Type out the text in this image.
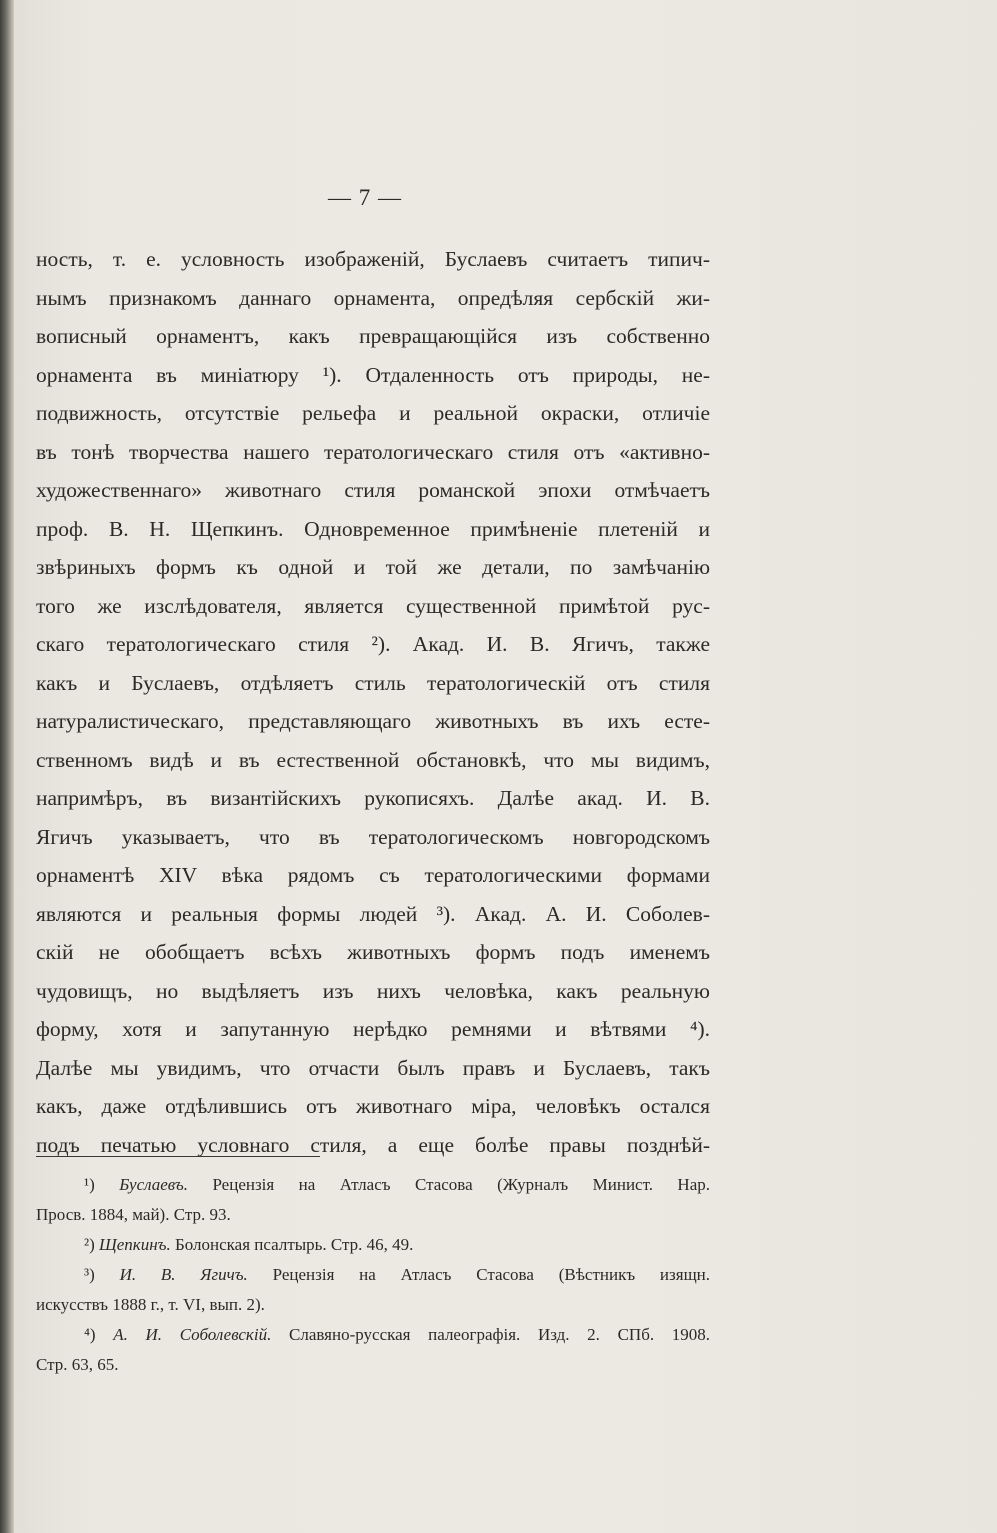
— 7 —
ность, т. е. условность изображеній, Буслаевъ считаетъ типич-
нымъ признакомъ даннаго орнамента, опредѣляя сербскій жи-
вописный орнаментъ, какъ превращающійся изъ собственно
орнамента въ миніатюру ¹). Отдаленность отъ природы, не-
подвижность, отсутствіе рельефа и реальной окраски, отличіе
въ тонѣ творчества нашего тератологическаго стиля отъ «активно-
художественнаго» животнаго стиля романской эпохи отмѣчаетъ
проф. В. Н. Щепкинъ. Одновременное примѣненіе плетеній и
звѣриныхъ формъ къ одной и той же детали, по замѣчанію
того же изслѣдователя, является существенной примѣтой рус-
скаго тератологическаго стиля ²). Акад. И. В. Ягичъ, также
какъ и Буслаевъ, отдѣляетъ стиль тератологическій отъ стиля
натуралистическаго, представляющаго животныхъ въ ихъ есте-
ственномъ видѣ и въ естественной обстановкѣ, что мы видимъ,
напримѣръ, въ византійскихъ рукописяхъ. Далѣе акад. И. В.
Ягичъ указываетъ, что въ тератологическомъ новгородскомъ
орнаментѣ XIV вѣка рядомъ съ тератологическими формами
являются и реальныя формы людей ³). Акад. А. И. Соболев-
скій не обобщаетъ всѣхъ животныхъ формъ подъ именемъ
чудовищъ, но выдѣляетъ изъ нихъ человѣка, какъ реальную
форму, хотя и запутанную нерѣдко ремнями и вѣтвями ⁴).
Далѣе мы увидимъ, что отчасти былъ правъ и Буслаевъ, такъ
какъ, даже отдѣлившись отъ животнаго міра, человѣкъ остался
подъ печатью условнаго стиля, а еще болѣе правы позднѣй-
¹) Буслаевъ. Рецензія на Атласъ Стасова (Журналъ Минист. Нар.
Просв. 1884, май). Стр. 93.
²) Щепкинъ. Болонская псалтырь. Стр. 46, 49.
³) И. В. Ягичъ. Рецензія на Атласъ Стасова (Вѣстникъ изящн.
искусствъ 1888 г., т. VI, вып. 2).
⁴) А. И. Соболевскій. Славяно-русская палеографія. Изд. 2. СПб. 1908.
Стр. 63, 65.
